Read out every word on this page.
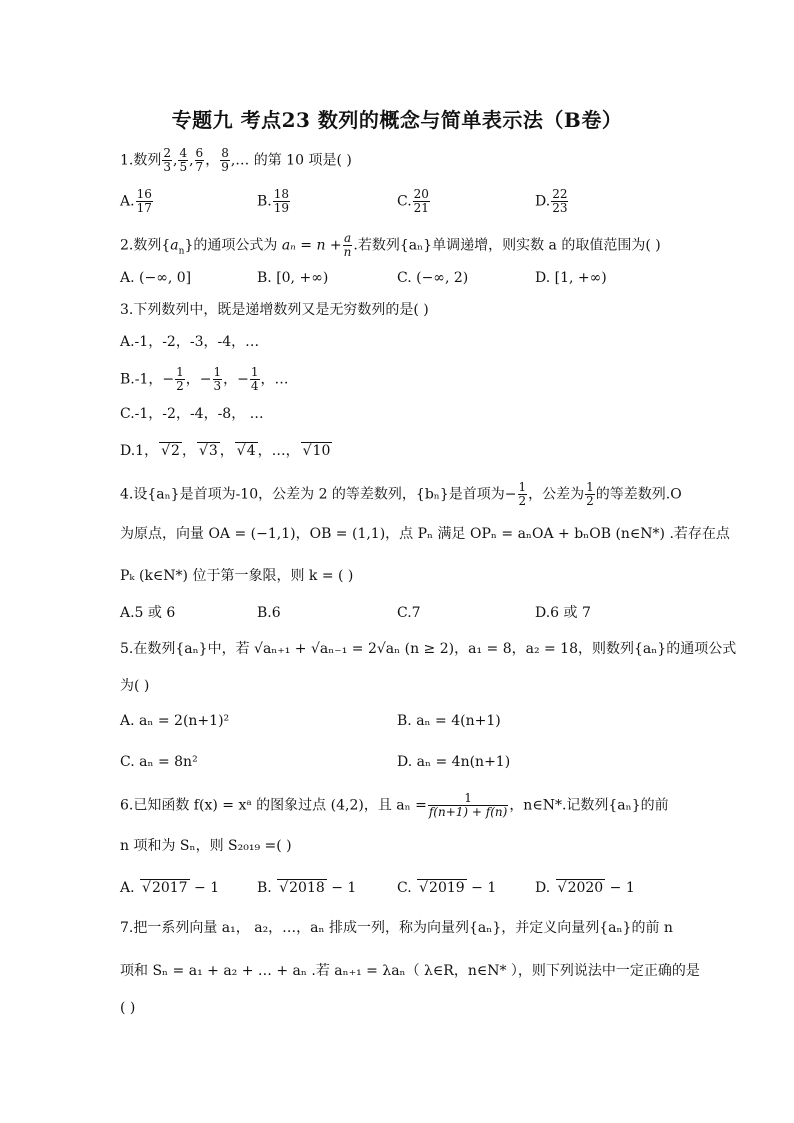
专题九 考点23 数列的概念与简单表示法（B卷）
1.数列 $\frac{2}{3}$ , $\frac{4}{5}$ , $\frac{6}{7}$ ， $\frac{8}{9}$ ,… 的第 10 项是( )
A. $\frac{16}{17}$	B. $\frac{18}{19}$	C. $\frac{20}{21}$	D. $\frac{22}{23}$
2.数列$\{a_n\}$的通项公式为 $a_n = n + \frac{a}{n}$ .若数列{aₙ}单调递增，则实数 a 的取值范围为( )
A. (−∞, 0]	B. [0, +∞)	C. (−∞, 2)	D. [1, +∞)
3.下列数列中，既是递增数列又是无穷数列的是( )
A.-1，-2，-3，-4，…
B.-1，− $\frac{1}{2}$ ，− $\frac{1}{3}$ ，− $\frac{1}{4}$ ，…
C.-1，-2，-4，-8， …
D.1， √ 2 ， √ 3 ， √ 4 ，…， √ 10
4.设{aₙ}是首项为-10，公差为 2 的等差数列，{bₙ}是首项为− $\frac{1}{2}$ ，公差为 $\frac{1}{2}$ 的等差数列.O
为原点，向量 OA = (−1,1)，OB = (1,1)，点 Pₙ 满足 OPₙ = aₙOA + bₙOB (n∈N*) .若存在点
Pₖ (k∈N*) 位于第一象限，则 k = ( )
A.5 或 6	B.6	C.7	D.6 或 7
5.在数列{aₙ}中，若 √aₙ₊₁ + √aₙ₋₁ = 2√aₙ (n ≥ 2)，a₁ = 8，a₂ = 18，则数列{aₙ}的通项公式
为( )
A. aₙ = 2(n+1)²	B. aₙ = 4(n+1)
C. aₙ = 8n²	D. aₙ = 4n(n+1)
6.已知函数 f(x) = xᵃ 的图象过点 (4,2)，且 $a_n = \frac{1}{f(n+1) + f(n)}$ ，n∈N*.记数列{aₙ}的前
n 项和为 Sₙ，则 S₂₀₁₉ =( )
A. √ 2017 − 1	B. √ 2018 − 1	C. √ 2019 − 1	D. √ 2020 − 1
7.把一系列向量 a₁， a₂，…，aₙ 排成一列，称为向量列{aₙ}，并定义向量列{aₙ}的前 n
项和 Sₙ = a₁ + a₂ + … + aₙ .若 aₙ₊₁ = λaₙ（ λ∈R，n∈N* ），则下列说法中一定正确的是
( )
